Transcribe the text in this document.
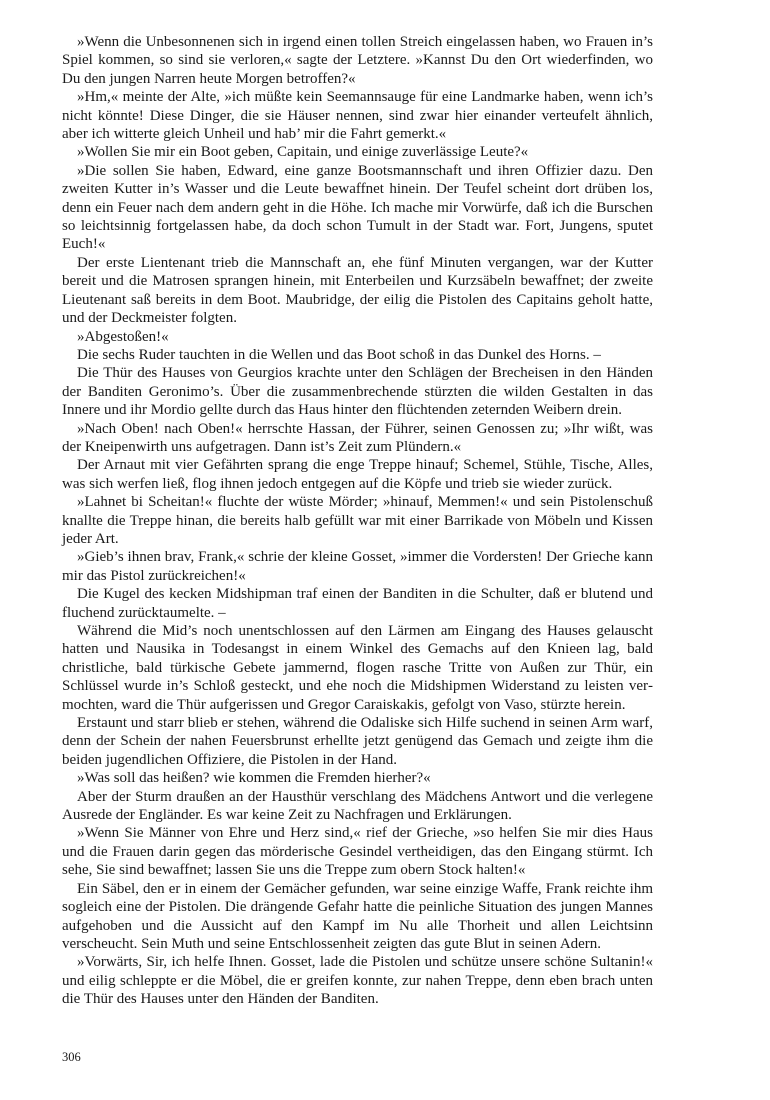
»Wenn die Unbesonnenen sich in irgend einen tollen Streich eingelassen haben, wo Frauen in’s Spiel kommen, so sind sie verloren,« sagte der Letztere. »Kannst Du den Ort wiederfinden, wo Du den jungen Narren heute Morgen betroffen?«

»Hm,« meinte der Alte, »ich müßte kein Seemannsauge für eine Landmarke haben, wenn ich’s nicht könnte! Diese Dinger, die sie Häuser nennen, sind zwar hier einander verteufelt ähnlich, aber ich witterte gleich Unheil und hab’ mir die Fahrt gemerkt.«

»Wollen Sie mir ein Boot geben, Capitain, und einige zuverlässige Leute?«

»Die sollen Sie haben, Edward, eine ganze Bootsmannschaft und ihren Offizier dazu. Den zweiten Kutter in’s Wasser und die Leute bewaffnet hinein. Der Teufel scheint dort drüben los, denn ein Feuer nach dem andern geht in die Höhe. Ich mache mir Vorwürfe, daß ich die Burschen so leichtsinnig fortgelassen habe, da doch schon Tumult in der Stadt war. Fort, Jungens, sputet Euch!«

Der erste Lientenant trieb die Mannschaft an, ehe fünf Minuten vergangen, war der Kutter bereit und die Matrosen sprangen hinein, mit Enterbeilen und Kurzsäbeln bewaffnet; der zweite Lieutenant saß bereits in dem Boot. Maubridge, der eilig die Pistolen des Capitains geholt hatte, und der Deckmeister folgten.

»Abgestoßen!«

Die sechs Ruder tauchten in die Wellen und das Boot schoß in das Dunkel des Horns. –

Die Thür des Hauses von Geurgios krachte unter den Schlägen der Brecheisen in den Händen der Banditen Geronimo’s. Über die zusammenbrechende stürzten die wilden Gestalten in das Innere und ihr Mordio gellte durch das Haus hinter den flüchtenden zeternden Weibern drein.

»Nach Oben! nach Oben!« herrschte Hassan, der Führer, seinen Genossen zu; »Ihr wißt, was der Kneipenwirth uns aufgetragen. Dann ist’s Zeit zum Plündern.«

Der Arnaut mit vier Gefährten sprang die enge Treppe hinauf; Schemel, Stühle, Tische, Alles, was sich werfen ließ, flog ihnen jedoch entgegen auf die Köpfe und trieb sie wieder zurück.

»Lahnet bi Scheitan!« fluchte der wüste Mörder; »hinauf, Memmen!« und sein Pistolenschuß knallte die Treppe hinan, die bereits halb gefüllt war mit einer Barrikade von Möbeln und Kissen jeder Art.

»Gieb’s ihnen brav, Frank,« schrie der kleine Gosset, »immer die Vordersten! Der Grieche kann mir das Pistol zurückreichen!«

Die Kugel des kecken Midshipman traf einen der Banditen in die Schulter, daß er blutend und fluchend zurücktaumelte. –

Während die Mid’s noch unentschlossen auf den Lärmen am Eingang des Hauses gelauscht hatten und Nausika in Todesangst in einem Winkel des Gemachs auf den Knieen lag, bald christliche, bald türkische Gebete jammernd, flogen rasche Tritte von Außen zur Thür, ein Schlüssel wurde in’s Schloß gesteckt, und ehe noch die Midshipmen Widerstand zu leisten vermochten, ward die Thür aufgerissen und Gregor Caraiskakis, gefolgt von Vaso, stürzte herein.

Erstaunt und starr blieb er stehen, während die Odaliske sich Hilfe suchend in seinen Arm warf, denn der Schein der nahen Feuersbrunst erhellte jetzt genügend das Gemach und zeigte ihm die beiden jugendlichen Offiziere, die Pistolen in der Hand.

»Was soll das heißen? wie kommen die Fremden hierher?«

Aber der Sturm draußen an der Hausthür verschlang des Mädchens Antwort und die verlegene Ausrede der Engländer. Es war keine Zeit zu Nachfragen und Erklärungen.

»Wenn Sie Männer von Ehre und Herz sind,« rief der Grieche, »so helfen Sie mir dies Haus und die Frauen darin gegen das mörderische Gesindel vertheidigen, das den Eingang stürmt. Ich sehe, Sie sind bewaffnet; lassen Sie uns die Treppe zum obern Stock halten!«

Ein Säbel, den er in einem der Gemächer gefunden, war seine einzige Waffe, Frank reichte ihm sogleich eine der Pistolen. Die drängende Gefahr hatte die peinliche Situation des jungen Mannes aufgehoben und die Aussicht auf den Kampf im Nu alle Thorheit und allen Leichtsinn verscheucht. Sein Muth und seine Entschlossenheit zeigten das gute Blut in seinen Adern.

»Vorwärts, Sir, ich helfe Ihnen. Gosset, lade die Pistolen und schütze unsere schöne Sultanin!« und eilig schleppte er die Möbel, die er greifen konnte, zur nahen Treppe, denn eben brach unten die Thür des Hauses unter den Händen der Banditen.

306
